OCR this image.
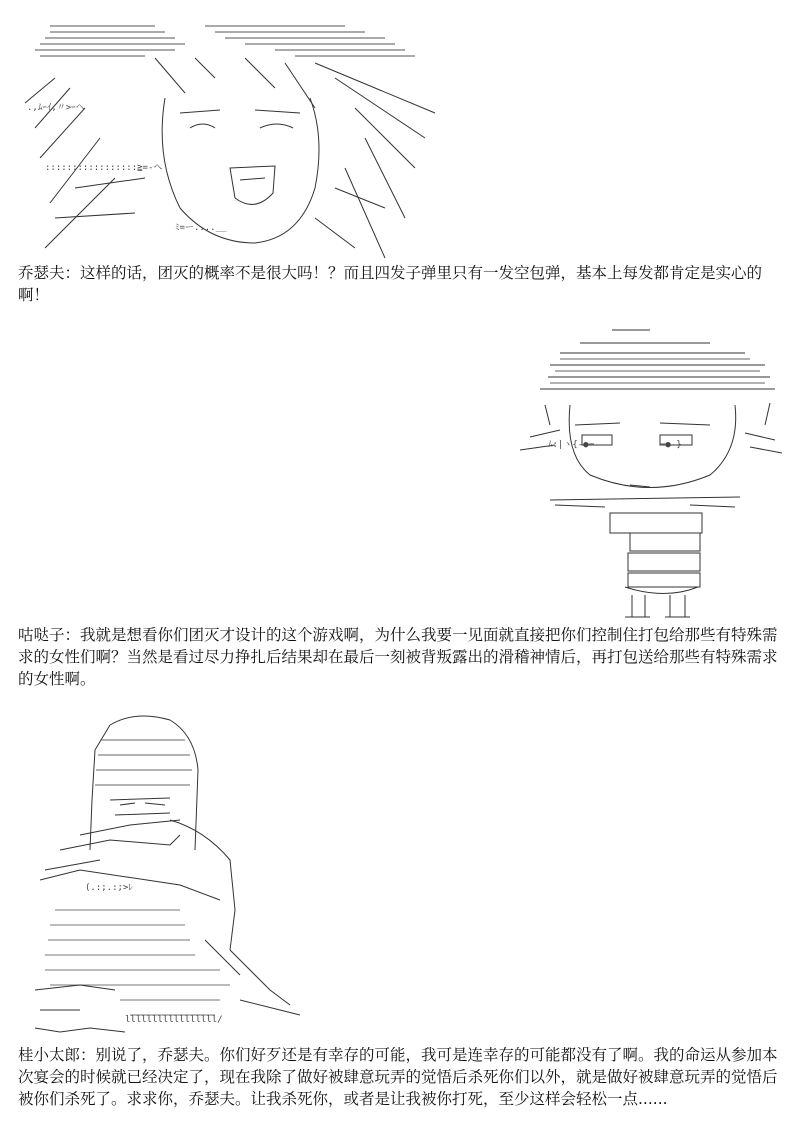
.,ﾑｰｲ,〃>ｰヘ
:::::::::::::::::≧=-へ
ﾐ=ー....__

乔瑟夫：这样的话，团灭的概率不是很大吗！？而且四发子弹里只有一发空包弹，基本上每发都肯定是实心的啊！

ﾑ:|ヽ{-●─	─●-}

咕哒子：我就是想看你们团灭才设计的这个游戏啊，为什么我要一见面就直接把你们控制住打包给那些有特殊需求的女性们啊？当然是看过尽力挣扎后结果却在最后一刻被背叛露出的滑稽神情后，再打包送给那些有特殊需求的女性啊。

(.:;.:;>ﾚ
lllllllllllllllll/

桂小太郎：别说了，乔瑟夫。你们好歹还是有幸存的可能，我可是连幸存的可能都没有了啊。我的命运从参加本次宴会的时候就已经决定了，现在我除了做好被肆意玩弄的觉悟后杀死你们以外，就是做好被肆意玩弄的觉悟后被你们杀死了。求求你，乔瑟夫。让我杀死你，或者是让我被你打死，至少这样会轻松一点......
